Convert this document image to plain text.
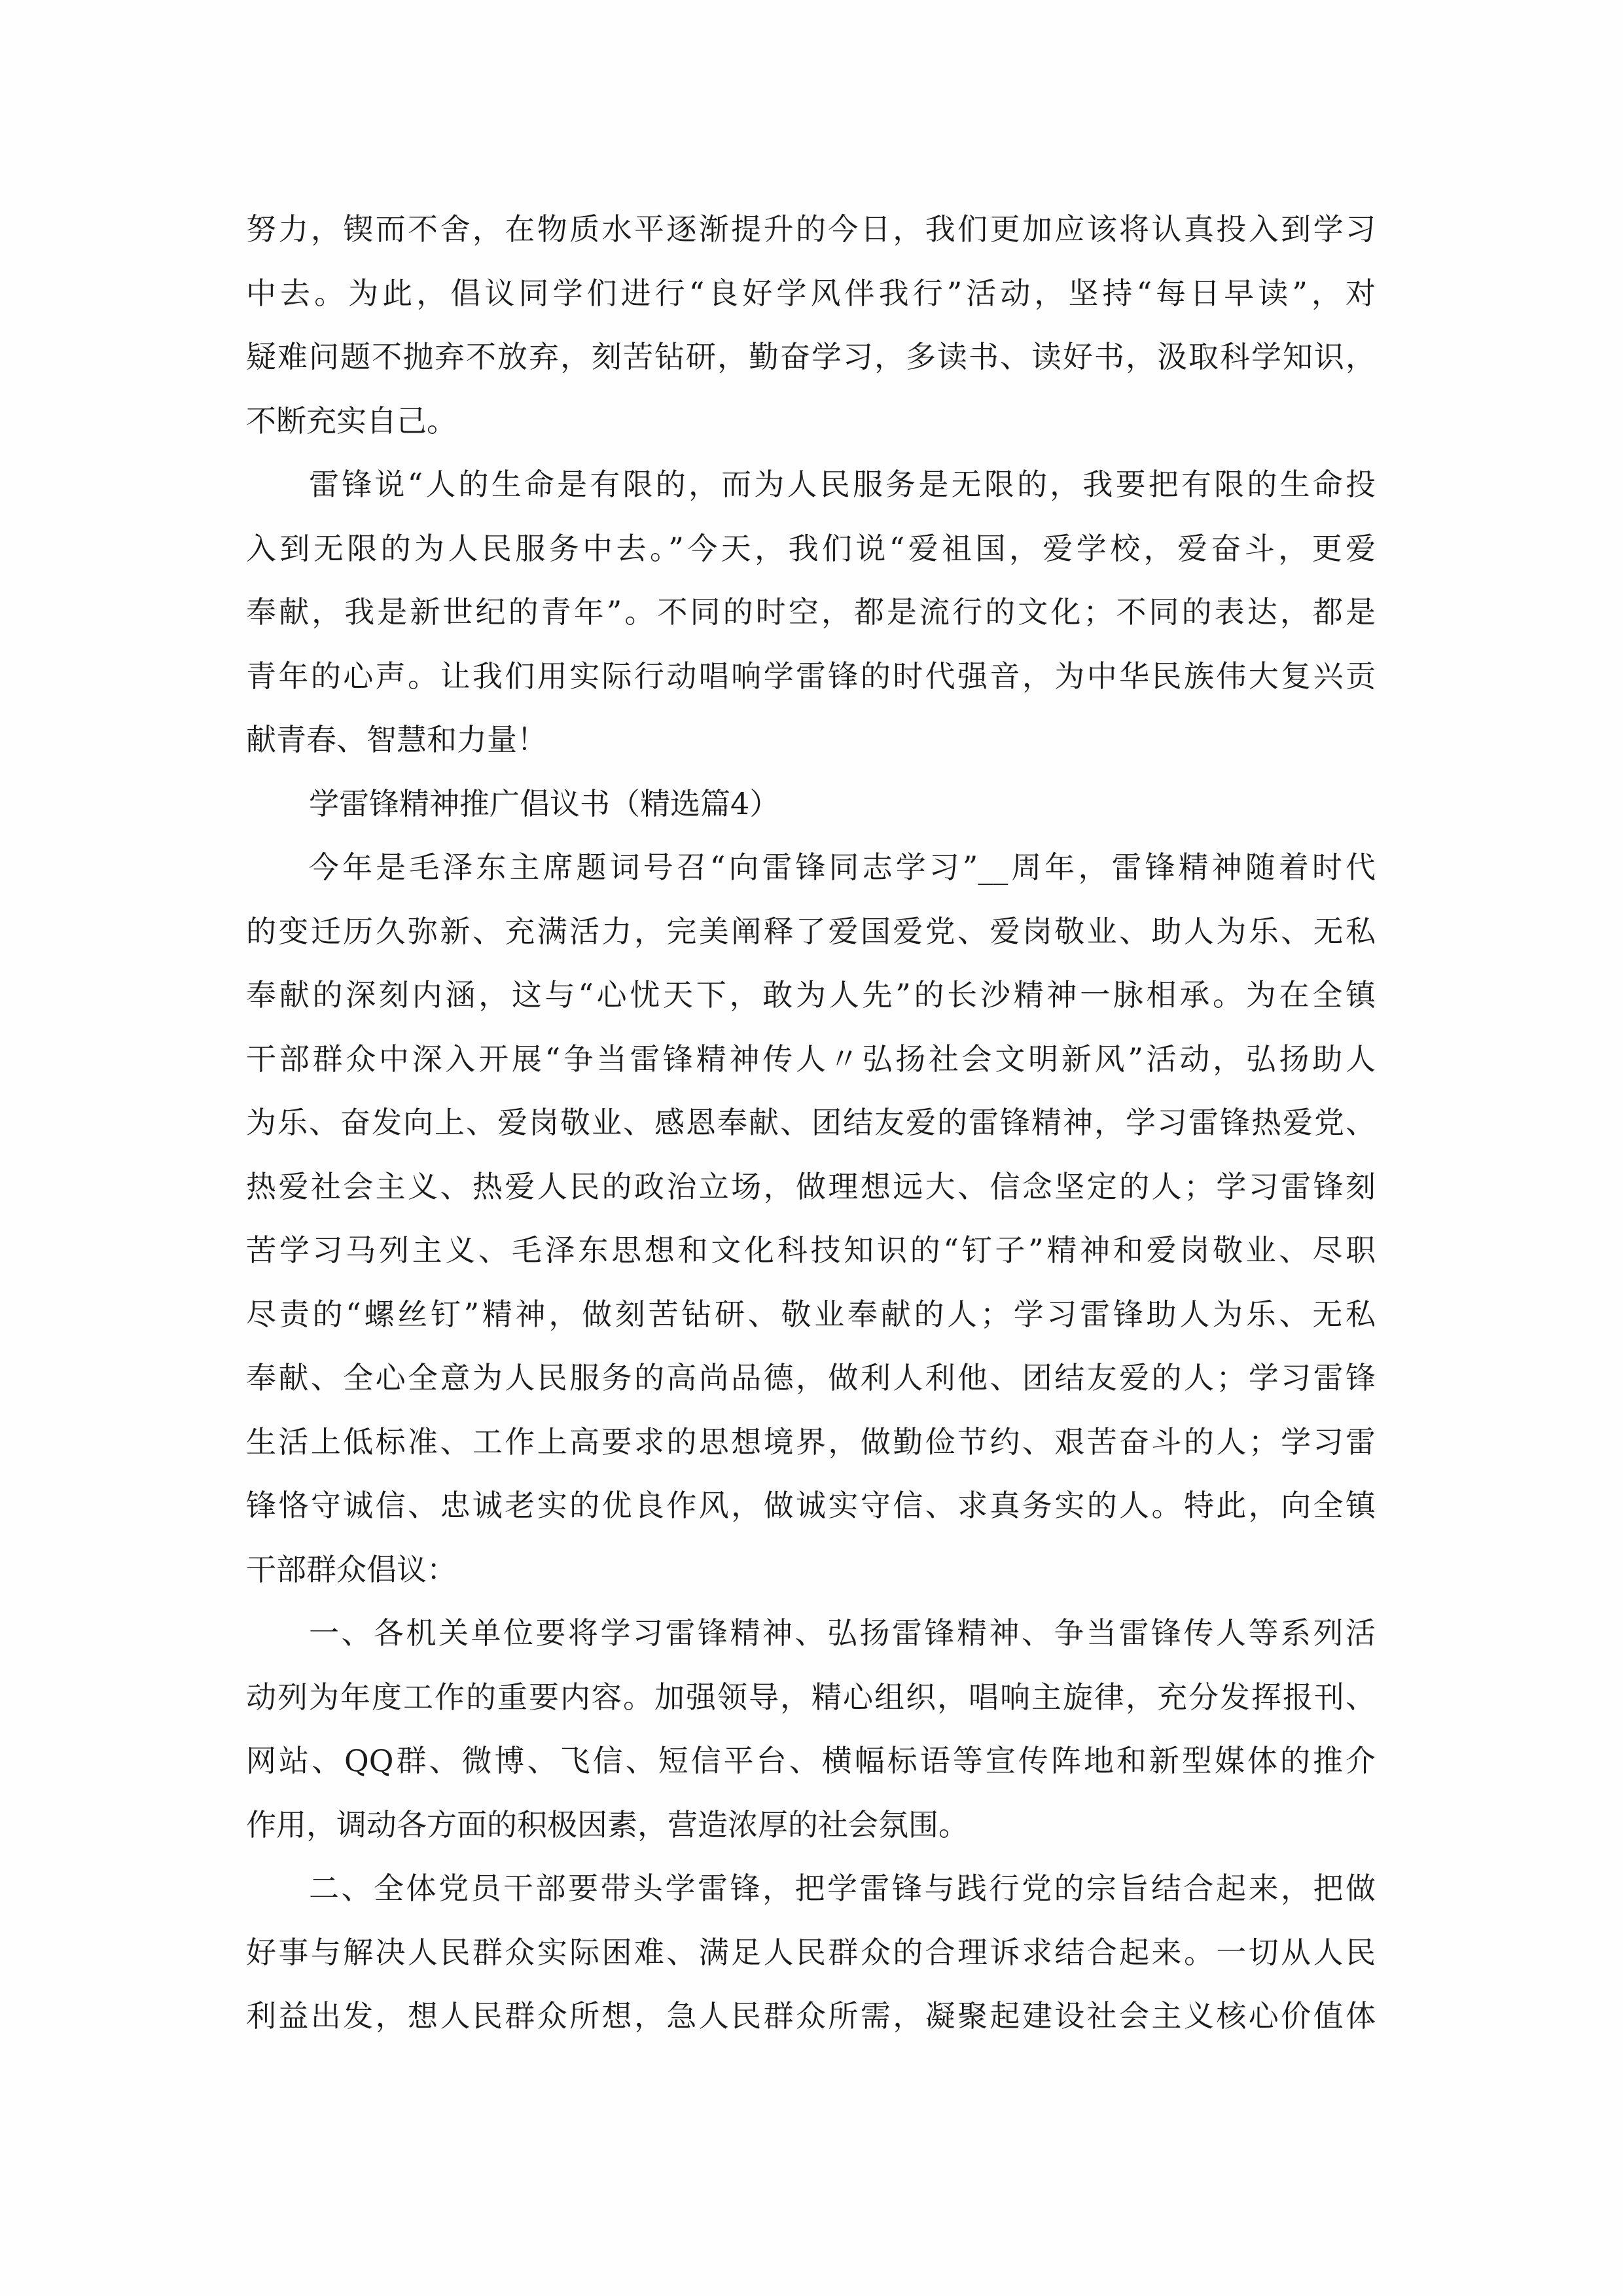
努力，锲而不舍，在物质水平逐渐提升的今日，我们更加应该将认真投入到学习
中去。为此，倡议同学们进行“良好学风伴我行”活动，坚持“每日早读”，对
疑难问题不抛弃不放弃，刻苦钻研，勤奋学习，多读书、读好书，汲取科学知识，
不断充实自己。
雷锋说“人的生命是有限的，而为人民服务是无限的，我要把有限的生命投
入到无限的为人民服务中去。”今天，我们说“爱祖国，爱学校，爱奋斗，更爱
奉献，我是新世纪的青年”。不同的时空，都是流行的文化；不同的表达，都是
青年的心声。让我们用实际行动唱响学雷锋的时代强音，为中华民族伟大复兴贡
献青春、智慧和力量！
学雷锋精神推广倡议书（精选篇4）
今年是毛泽东主席题词号召“向雷锋同志学习”__周年，雷锋精神随着时代
的变迁历久弥新、充满活力，完美阐释了爱国爱党、爱岗敬业、助人为乐、无私
奉献的深刻内涵，这与“心忧天下，敢为人先”的长沙精神一脉相承。为在全镇
干部群众中深入开展“争当雷锋精神传人〃弘扬社会文明新风”活动，弘扬助人
为乐、奋发向上、爱岗敬业、感恩奉献、团结友爱的雷锋精神，学习雷锋热爱党、
热爱社会主义、热爱人民的政治立场，做理想远大、信念坚定的人；学习雷锋刻
苦学习马列主义、毛泽东思想和文化科技知识的“钉子”精神和爱岗敬业、尽职
尽责的“螺丝钉”精神，做刻苦钻研、敬业奉献的人；学习雷锋助人为乐、无私
奉献、全心全意为人民服务的高尚品德，做利人利他、团结友爱的人；学习雷锋
生活上低标准、工作上高要求的思想境界，做勤俭节约、艰苦奋斗的人；学习雷
锋恪守诚信、忠诚老实的优良作风，做诚实守信、求真务实的人。特此，向全镇
干部群众倡议：
一、各机关单位要将学习雷锋精神、弘扬雷锋精神、争当雷锋传人等系列活
动列为年度工作的重要内容。加强领导，精心组织，唱响主旋律，充分发挥报刊、
网站、QQ群、微博、飞信、短信平台、横幅标语等宣传阵地和新型媒体的推介
作用，调动各方面的积极因素，营造浓厚的社会氛围。
二、全体党员干部要带头学雷锋，把学雷锋与践行党的宗旨结合起来，把做
好事与解决人民群众实际困难、满足人民群众的合理诉求结合起来。一切从人民
利益出发，想人民群众所想，急人民群众所需，凝聚起建设社会主义核心价值体
